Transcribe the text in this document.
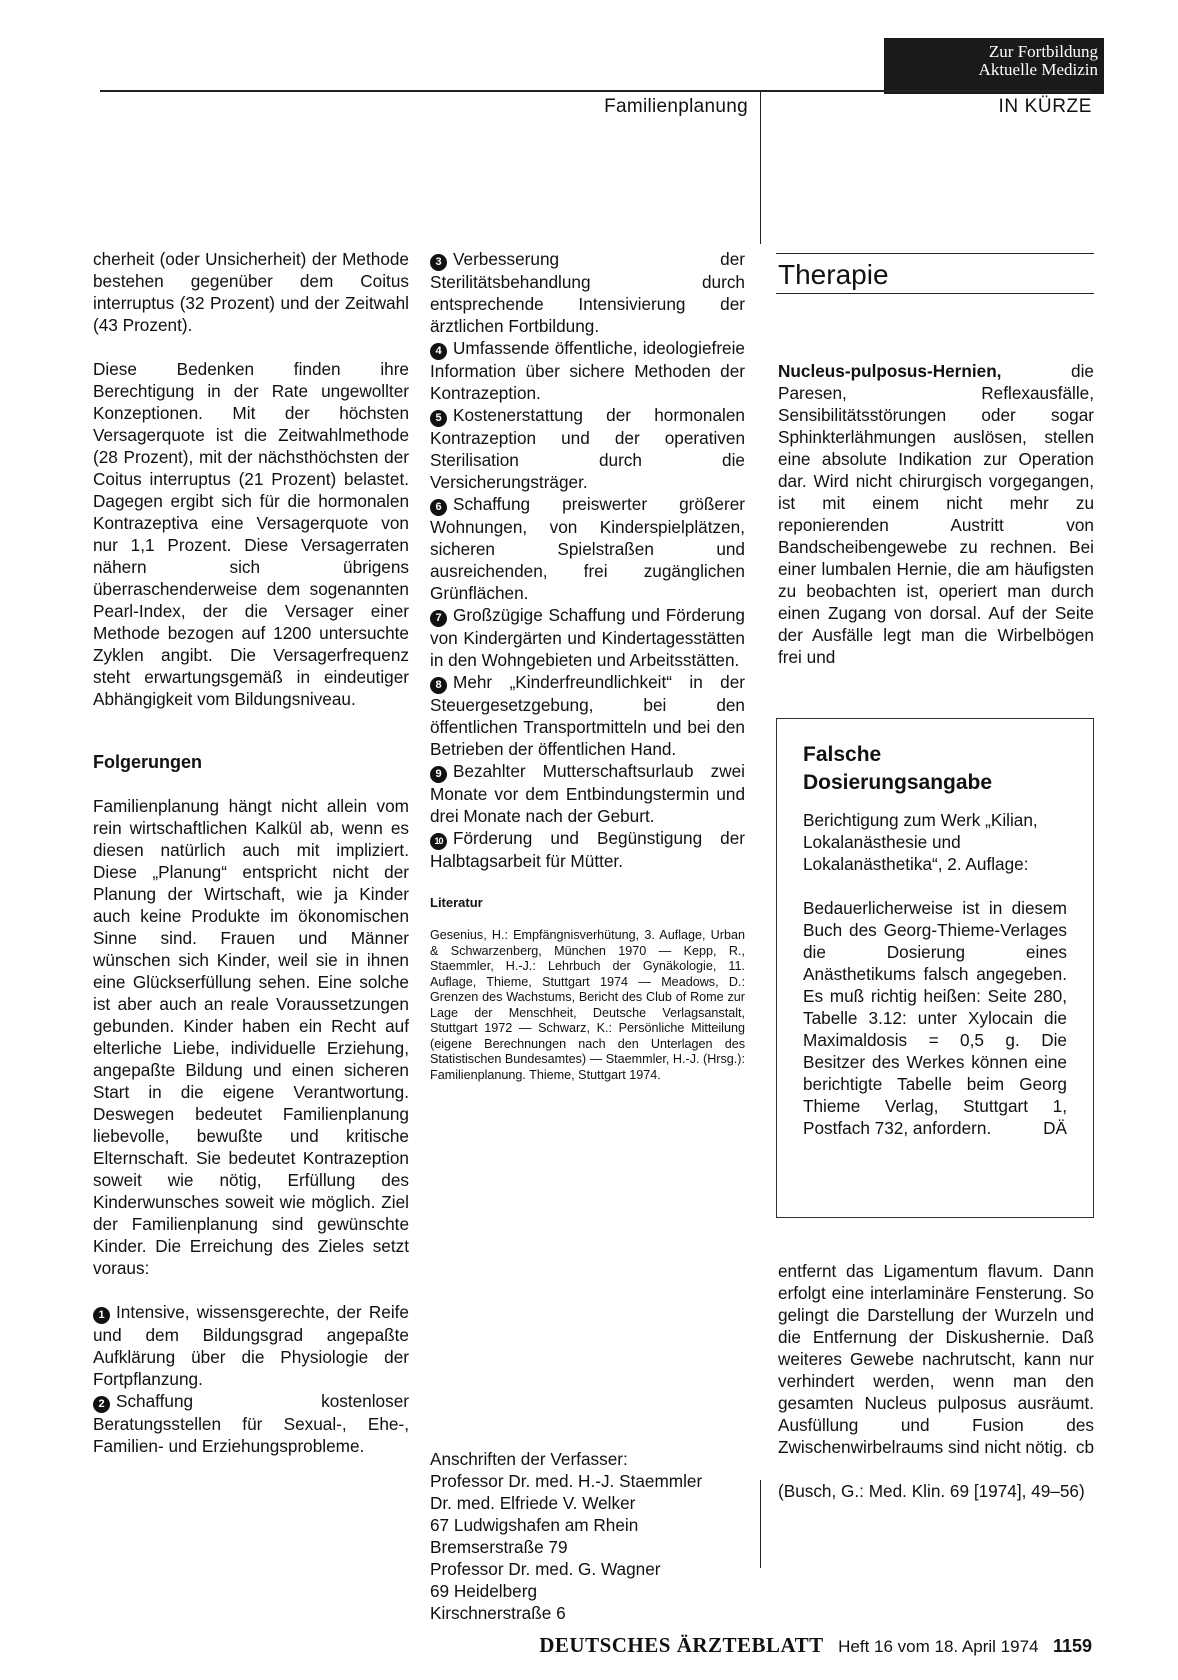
Zur Fortbildung
Aktuelle Medizin
Familienplanung	IN KÜRZE

cherheit (oder Unsicherheit) der Methode bestehen gegenüber dem Coitus interruptus (32 Prozent) und der Zeitwahl (43 Prozent).

Diese Bedenken finden ihre Berechtigung in der Rate ungewollter Konzeptionen. Mit der höchsten Versagerquote ist die Zeitwahlmethode (28 Prozent), mit der nächsthöchsten der Coitus interruptus (21 Prozent) belastet. Dagegen ergibt sich für die hormonalen Kontrazeptiva eine Versagerquote von nur 1,1 Prozent. Diese Versagerraten nähern sich übrigens überraschenderweise dem sogenannten Pearl-Index, der die Versager einer Methode bezogen auf 1200 untersuchte Zyklen angibt. Die Versagerfrequenz steht erwartungsgemäß in eindeutiger Abhängigkeit vom Bildungsniveau.

Folgerungen

Familienplanung hängt nicht allein vom rein wirtschaftlichen Kalkül ab, wenn es diesen natürlich auch mit impliziert. Diese „Planung“ entspricht nicht der Planung der Wirtschaft, wie ja Kinder auch keine Produkte im ökonomischen Sinne sind. Frauen und Männer wünschen sich Kinder, weil sie in ihnen eine Glückserfüllung sehen. Eine solche ist aber auch an reale Voraussetzungen gebunden. Kinder haben ein Recht auf elterliche Liebe, individuelle Erziehung, angepaßte Bildung und einen sicheren Start in die eigene Verantwortung. Deswegen bedeutet Familienplanung liebevolle, bewußte und kritische Elternschaft. Sie bedeutet Kontrazeption soweit wie nötig, Erfüllung des Kinderwunsches soweit wie möglich. Ziel der Familienplanung sind gewünschte Kinder. Die Erreichung des Zieles setzt voraus:

1 Intensive, wissensgerechte, der Reife und dem Bildungsgrad angepaßte Aufklärung über die Physiologie der Fortpflanzung.

2 Schaffung kostenloser Beratungsstellen für Sexual-, Ehe-, Familien- und Erziehungsprobleme.

3 Verbesserung der Sterilitätsbehandlung durch entsprechende Intensivierung der ärztlichen Fortbildung.

4 Umfassende öffentliche, ideologiefreie Information über sichere Methoden der Kontrazeption.

5 Kostenerstattung der hormonalen Kontrazeption und der operativen Sterilisation durch die Versicherungsträger.

6 Schaffung preiswerter größerer Wohnungen, von Kinderspielplätzen, sicheren Spielstraßen und ausreichenden, frei zugänglichen Grünflächen.

7 Großzügige Schaffung und Förderung von Kindergärten und Kindertagesstätten in den Wohngebieten und Arbeitsstätten.

8 Mehr „Kinderfreundlichkeit“ in der Steuergesetzgebung, bei den öffentlichen Transportmitteln und bei den Betrieben der öffentlichen Hand.

9 Bezahlter Mutterschaftsurlaub zwei Monate vor dem Entbindungstermin und drei Monate nach der Geburt.

10 Förderung und Begünstigung der Halbtagsarbeit für Mütter.

Literatur

Gesenius, H.: Empfängnisverhütung, 3. Auflage, Urban & Schwarzenberg, München 1970 — Kepp, R., Staemmler, H.-J.: Lehrbuch der Gynäkologie, 11. Auflage, Thieme, Stuttgart 1974 — Meadows, D.: Grenzen des Wachstums, Bericht des Club of Rome zur Lage der Menschheit, Deutsche Verlagsanstalt, Stuttgart 1972 — Schwarz, K.: Persönliche Mitteilung (eigene Berechnungen nach den Unterlagen des Statistischen Bundesamtes) — Staemmler, H.-J. (Hrsg.): Familienplanung. Thieme, Stuttgart 1974.

Anschriften der Verfasser:
Professor Dr. med. H.-J. Staemmler
Dr. med. Elfriede V. Welker
67 Ludwigshafen am Rhein
Bremserstraße 79
Professor Dr. med. G. Wagner
69 Heidelberg
Kirschnerstraße 6
Therapie

Nucleus-pulposus-Hernien, die Paresen, Reflexausfälle, Sensibilitätsstörungen oder sogar Sphinkterlähmungen auslösen, stellen eine absolute Indikation zur Operation dar. Wird nicht chirurgisch vorgegangen, ist mit einem nicht mehr zu reponierenden Austritt von Bandscheibengewebe zu rechnen. Bei einer lumbalen Hernie, die am häufigsten zu beobachten ist, operiert man durch einen Zugang von dorsal. Auf der Seite der Ausfälle legt man die Wirbelbögen frei und

Falsche
Dosierungsangabe

Berichtigung zum Werk „Kilian, Lokalanästhesie und Lokalanästhetika“, 2. Auflage:

Bedauerlicherweise ist in diesem Buch des Georg-Thieme-Verlages die Dosierung eines Anästhetikums falsch angegeben. Es muß richtig heißen: Seite 280, Tabelle 3.12: unter Xylocain die Maximaldosis = 0,5 g. Die Besitzer des Werkes können eine berichtigte Tabelle beim Georg Thieme Verlag, Stuttgart 1, Postfach 732, anfordern.	DÄ

entfernt das Ligamentum flavum. Dann erfolgt eine interlaminäre Fensterung. So gelingt die Darstellung der Wurzeln und die Entfernung der Diskushernie. Daß weiteres Gewebe nachrutscht, kann nur verhindert werden, wenn man den gesamten Nucleus pulposus ausräumt. Ausfüllung und Fusion des Zwischenwirbelraums sind nicht nötig. cb

(Busch, G.: Med. Klin. 69 [1974], 49–56)

DEUTSCHES ÄRZTEBLATT Heft 16 vom 18. April 1974 1159
